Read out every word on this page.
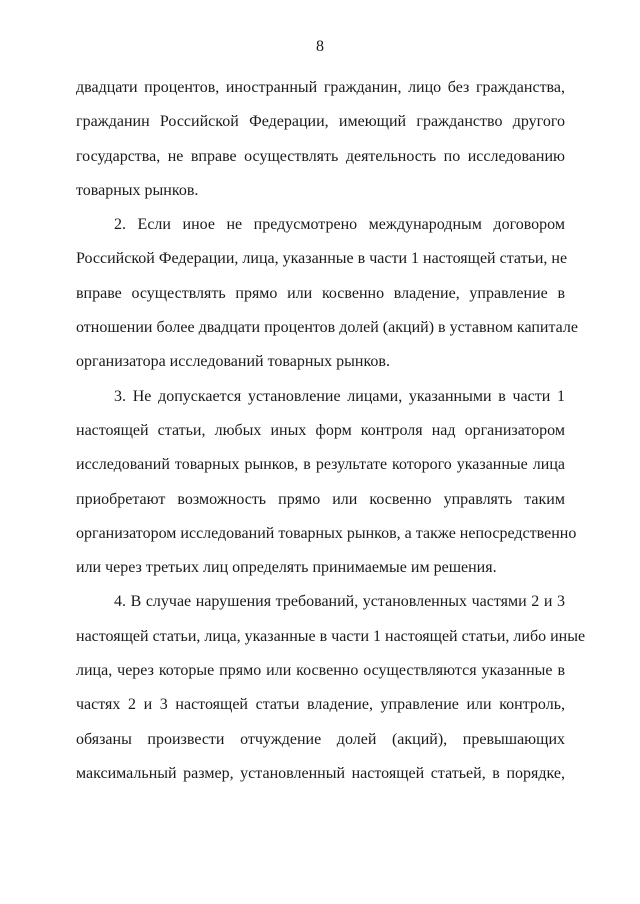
8
двадцати процентов, иностранный гражданин, лицо без гражданства,
гражданин Российской Федерации, имеющий гражданство другого
государства, не вправе осуществлять деятельность по исследованию
товарных рынков.
2. Если иное не предусмотрено международным договором
Российской Федерации, лица, указанные в части 1 настоящей статьи, не
вправе осуществлять прямо или косвенно владение, управление в
отношении более двадцати процентов долей (акций) в уставном капитале
организатора исследований товарных рынков.
3. Не допускается установление лицами, указанными в части 1
настоящей статьи, любых иных форм контроля над организатором
исследований товарных рынков, в результате которого указанные лица
приобретают возможность прямо или косвенно управлять таким
организатором исследований товарных рынков, а также непосредственно
или через третьих лиц определять принимаемые им решения.
4. В случае нарушения требований, установленных частями 2 и 3
настоящей статьи, лица, указанные в части 1 настоящей статьи, либо иные
лица, через которые прямо или косвенно осуществляются указанные в
частях 2 и 3 настоящей статьи владение, управление или контроль,
обязаны произвести отчуждение долей (акций), превышающих
максимальный размер, установленный настоящей статьей, в порядке,
